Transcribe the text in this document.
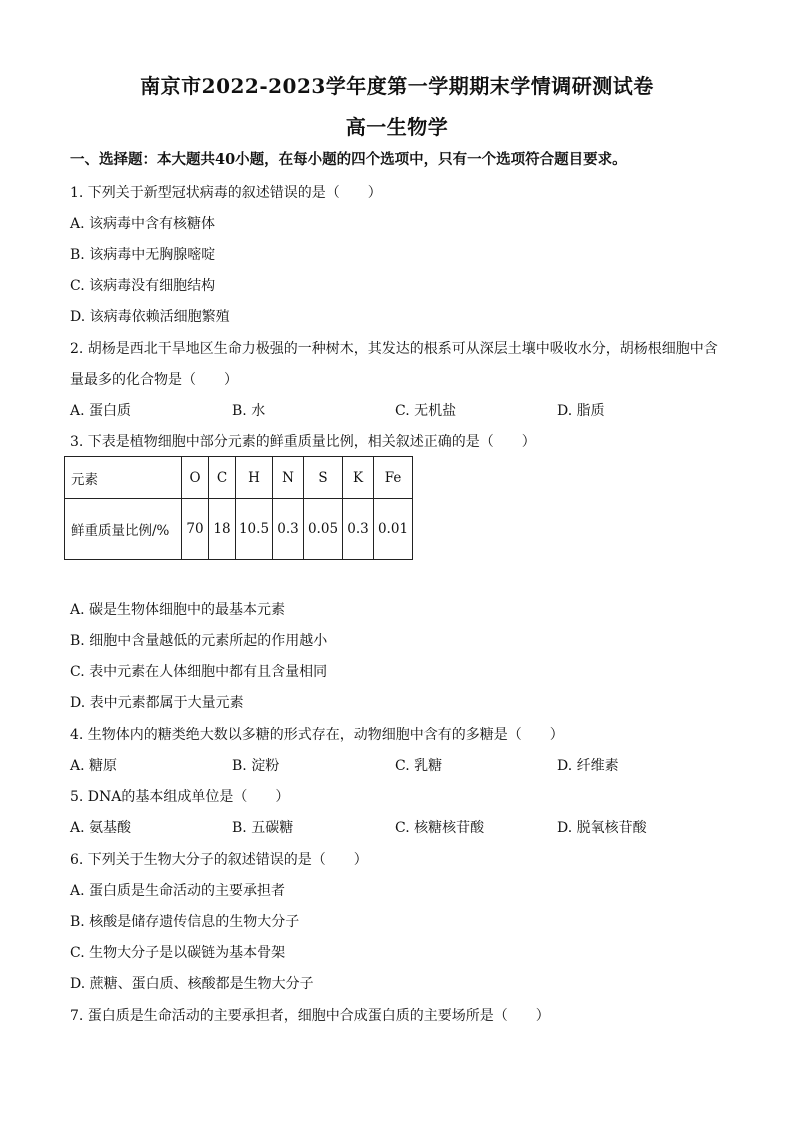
南京市2022-2023学年度第一学期期末学情调研测试卷
高一生物学
一、选择题：本大题共40小题，在每小题的四个选项中，只有一个选项符合题目要求。
1. 下列关于新型冠状病毒的叙述错误的是（　　）
A. 该病毒中含有核糖体
B. 该病毒中无胸腺嘧啶
C. 该病毒没有细胞结构
D. 该病毒依赖活细胞繁殖
2. 胡杨是西北干旱地区生命力极强的一种树木，其发达的根系可从深层土壤中吸收水分，胡杨根细胞中含
量最多的化合物是（　　）
A. 蛋白质	B. 水	C. 无机盐	D. 脂质
3. 下表是植物细胞中部分元素的鲜重质量比例，相关叙述正确的是（　　）
元素	O	C	H	N	S	K	Fe
鲜重质量比例/%	70	18	10.5	0.3	0.05	0.3	0.01
A. 碳是生物体细胞中的最基本元素
B. 细胞中含量越低的元素所起的作用越小
C. 表中元素在人体细胞中都有且含量相同
D. 表中元素都属于大量元素
4. 生物体内的糖类绝大数以多糖的形式存在，动物细胞中含有的多糖是（　　）
A. 糖原	B. 淀粉	C. 乳糖	D. 纤维素
5. DNA的基本组成单位是（　　）
A. 氨基酸	B. 五碳糖	C. 核糖核苷酸	D. 脱氧核苷酸
6. 下列关于生物大分子的叙述错误的是（　　）
A. 蛋白质是生命活动的主要承担者
B. 核酸是储存遗传信息的生物大分子
C. 生物大分子是以碳链为基本骨架
D. 蔗糖、蛋白质、核酸都是生物大分子
7. 蛋白质是生命活动的主要承担者，细胞中合成蛋白质的主要场所是（　　）
